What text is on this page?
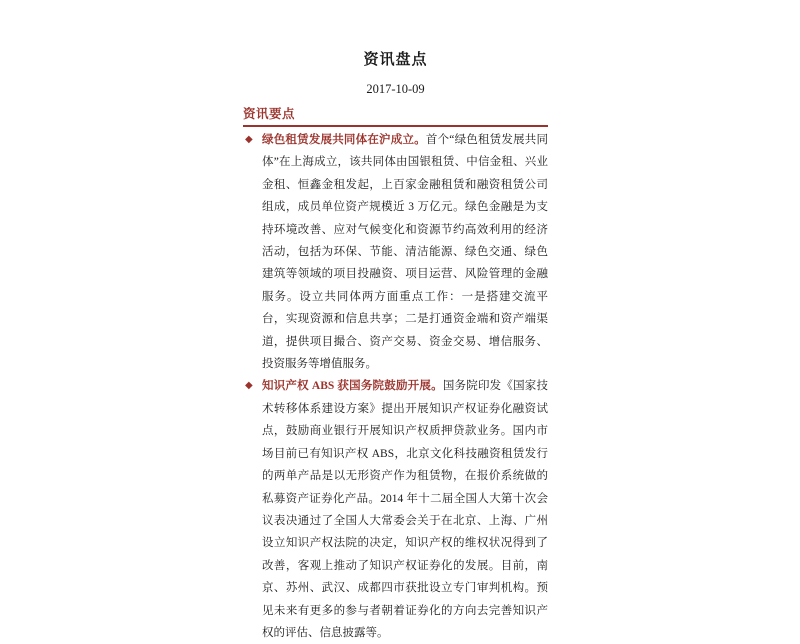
资讯盘点
2017-10-09
资讯要点
◆ 绿色租赁发展共同体在沪成立。首个“绿色租赁发展共同体”在上海成立，该共同体由国银租赁、中信金租、兴业金租、恒鑫金租发起，上百家金融租赁和融资租赁公司组成，成员单位资产规模近 3 万亿元。绿色金融是为支持环境改善、应对气候变化和资源节约高效利用的经济活动，包括为环保、节能、清洁能源、绿色交通、绿色建筑等领域的项目投融资、项目运营、风险管理的金融服务。设立共同体两方面重点工作：一是搭建交流平台，实现资源和信息共享；二是打通资金端和资产端渠道，提供项目撮合、资产交易、资金交易、增信服务、投资服务等增值服务。

◆ 知识产权 ABS 获国务院鼓励开展。国务院印发《国家技术转移体系建设方案》提出开展知识产权证券化融资试点，鼓励商业银行开展知识产权质押贷款业务。国内市场目前已有知识产权 ABS，北京文化科技融资租赁发行的两单产品是以无形资产作为租赁物，在报价系统做的私募资产证券化产品。2014 年十二届全国人大第十次会议表决通过了全国人大常委会关于在北京、上海、广州设立知识产权法院的决定，知识产权的维权状况得到了改善，客观上推动了知识产权证券化的发展。目前，南京、苏州、武汉、成都四市获批设立专门审判机构。预见未来有更多的参与者朝着证券化的方向去完善知识产权的评估、信息披露等。
